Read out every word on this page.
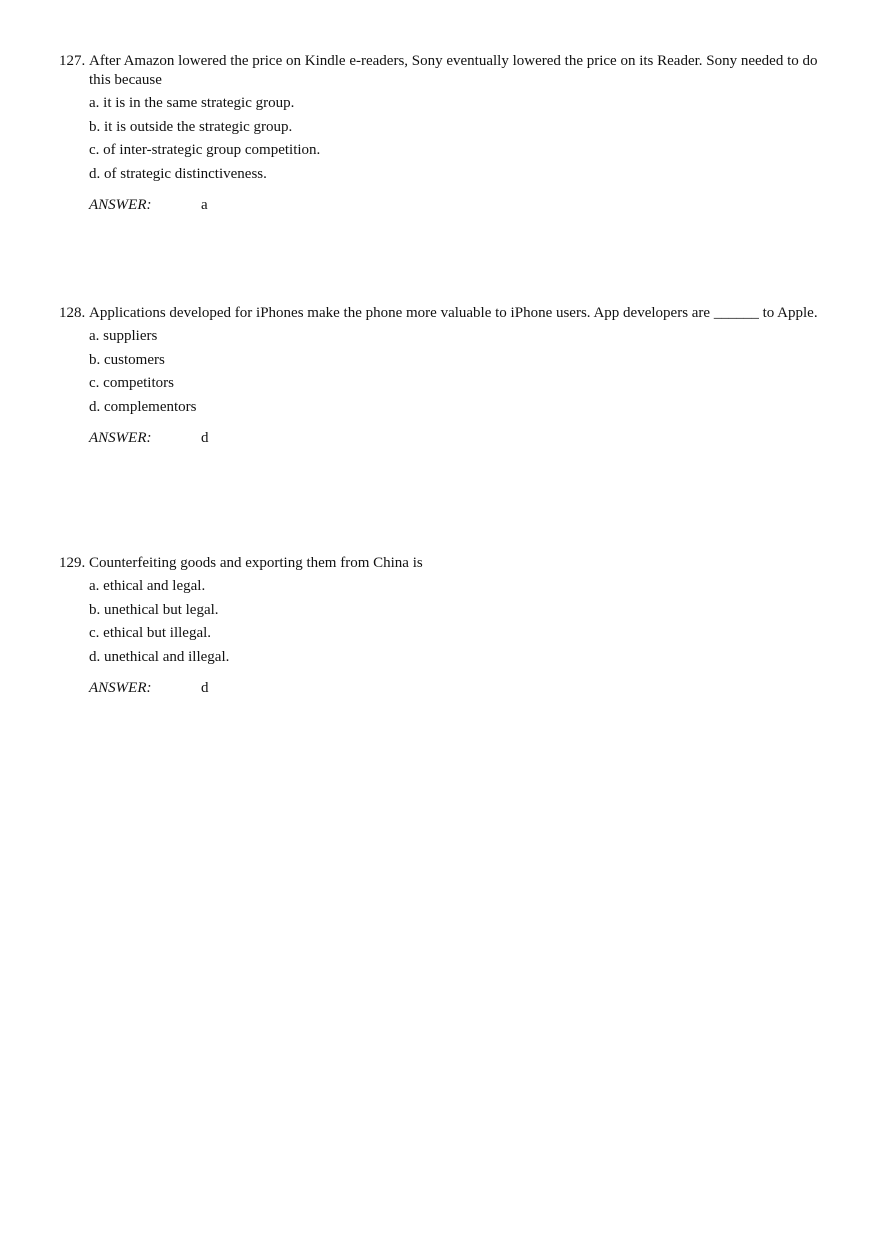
127. After Amazon lowered the price on Kindle e-readers, Sony eventually lowered the price on its Reader. Sony needed to do this because
a. it is in the same strategic group.
b. it is outside the strategic group.
c. of inter-strategic group competition.
d. of strategic distinctiveness.
ANSWER:	a
128. Applications developed for iPhones make the phone more valuable to iPhone users. App developers are ______ to Apple.
a. suppliers
b. customers
c. competitors
d. complementors
ANSWER:	d
129. Counterfeiting goods and exporting them from China is
a. ethical and legal.
b. unethical but legal.
c. ethical but illegal.
d. unethical and illegal.
ANSWER:	d
